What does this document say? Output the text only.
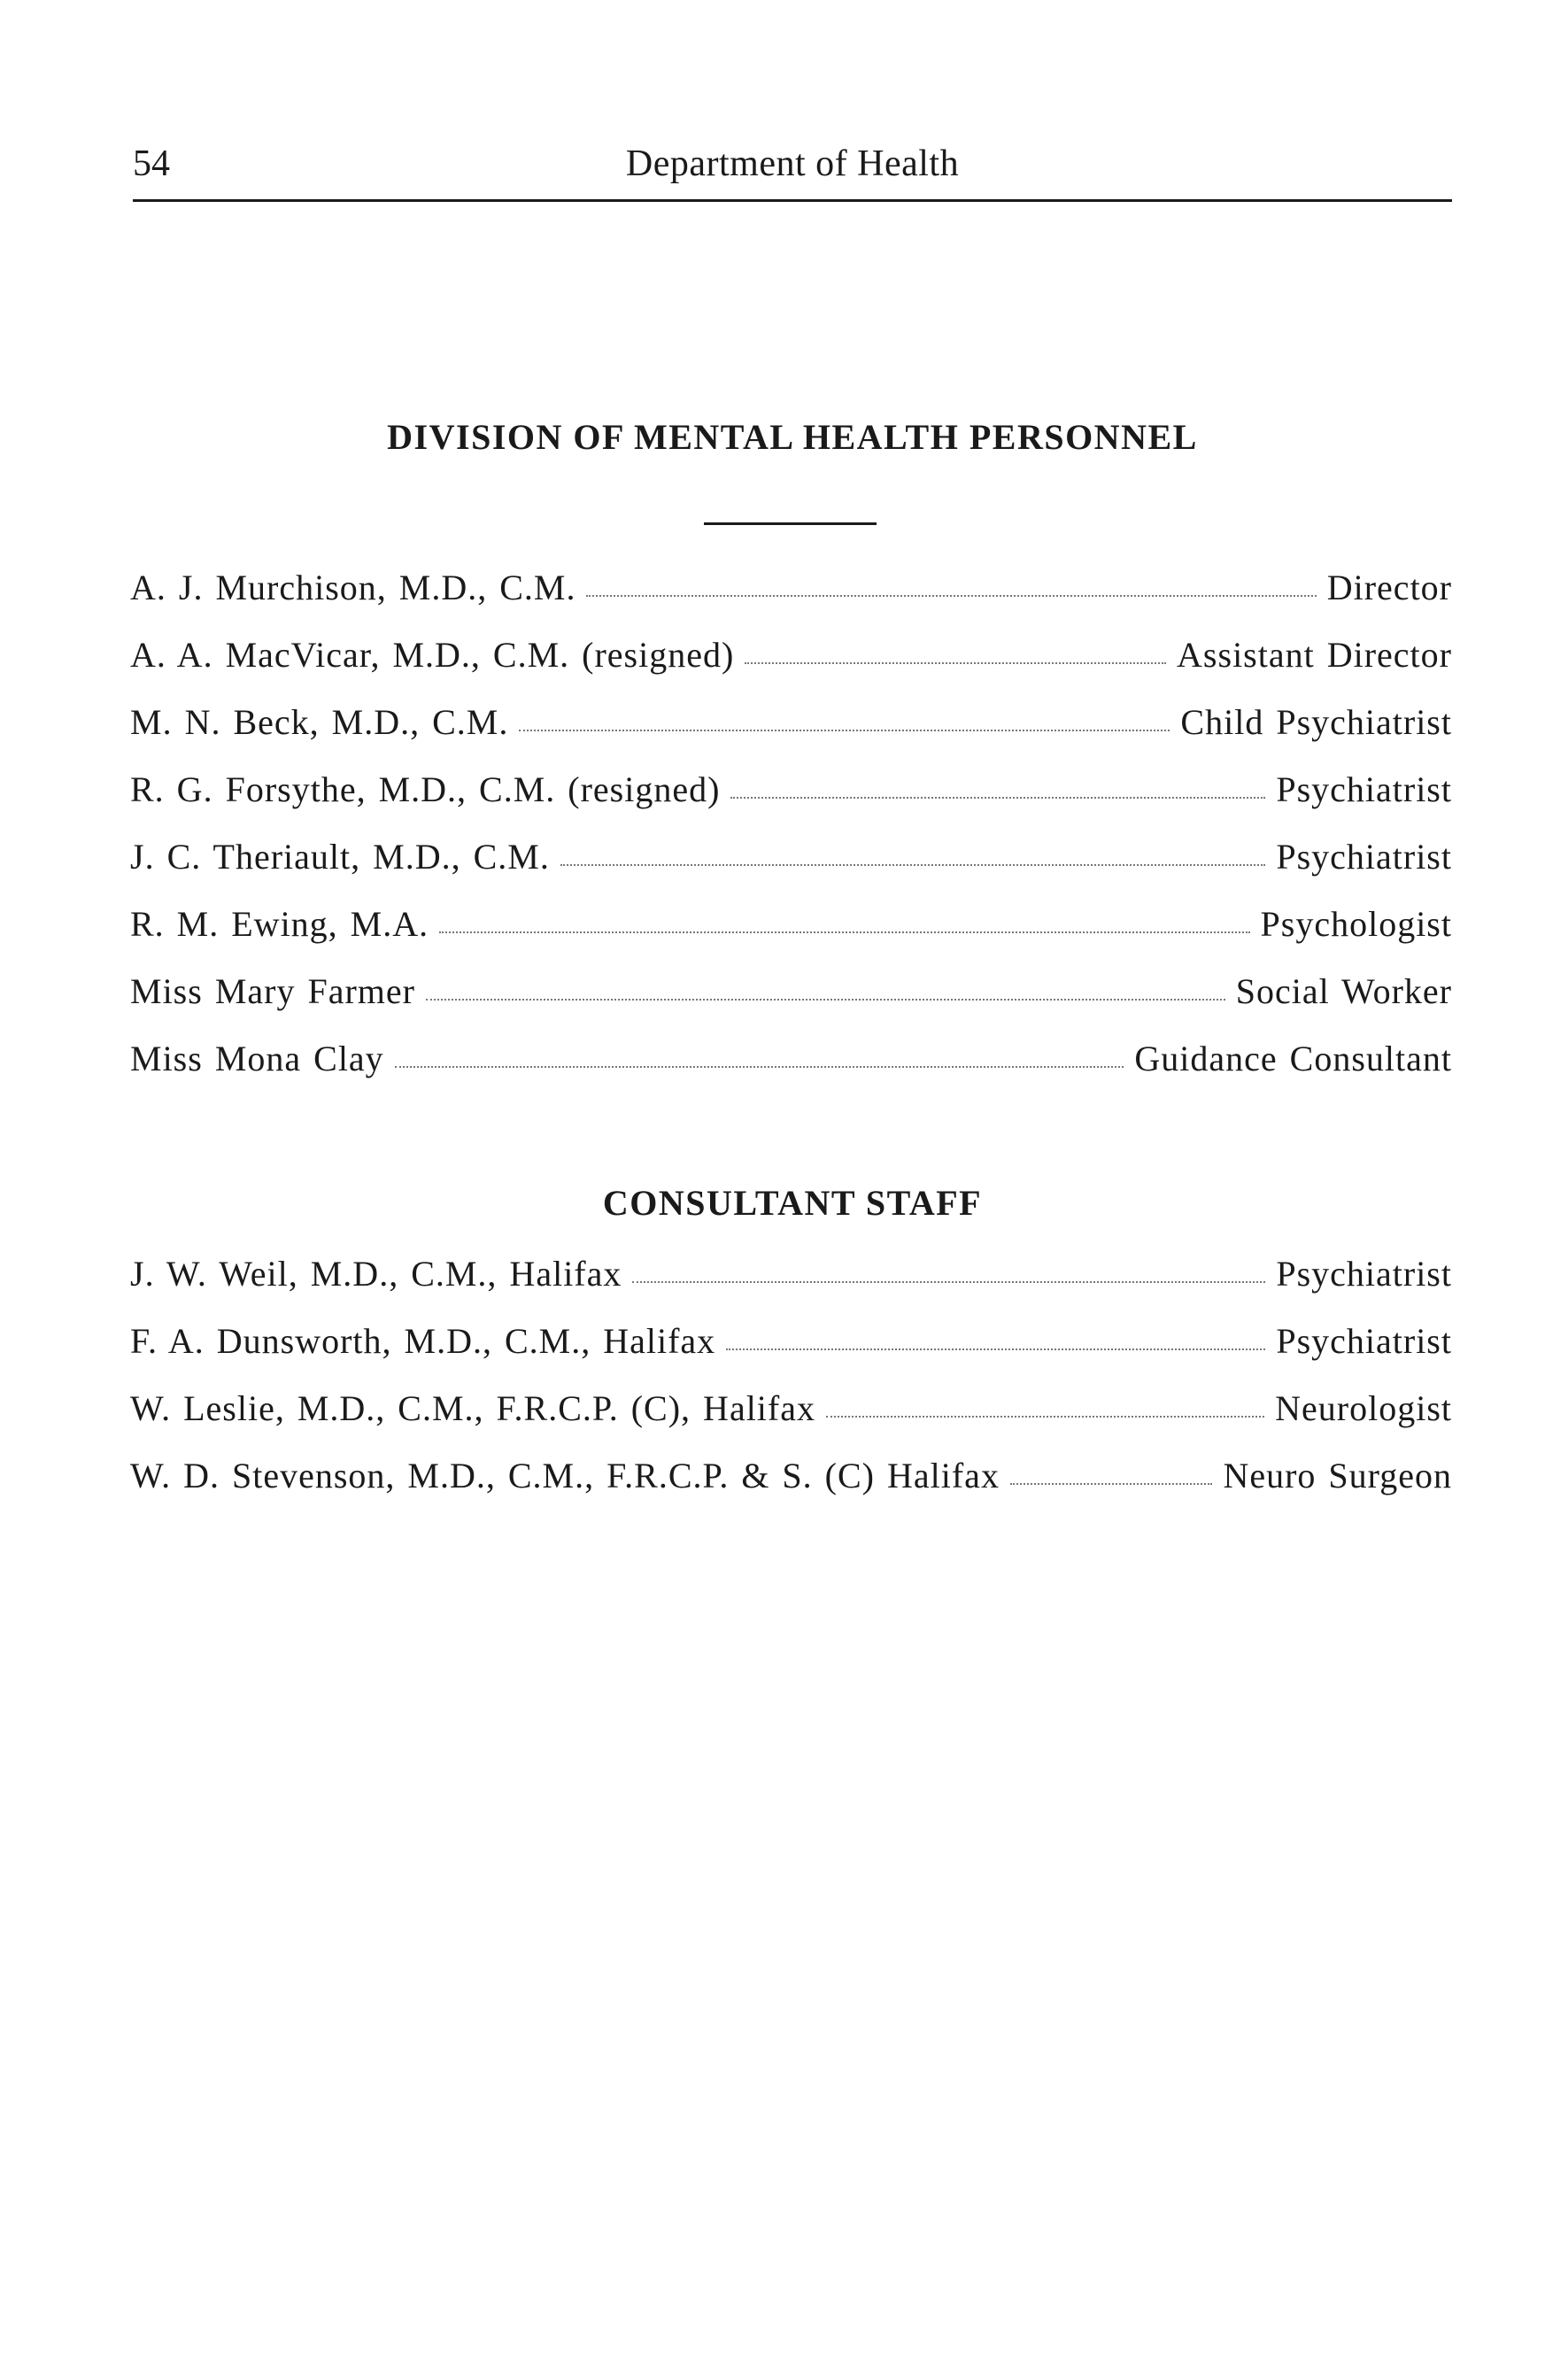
54	Department of Health
DIVISION OF MENTAL HEALTH PERSONNEL
A. J. Murchison, M.D., C.M.	Director
A. A. MacVicar, M.D., C.M. (resigned)	Assistant Director
M. N. Beck, M.D., C.M.	Child Psychiatrist
R. G. Forsythe, M.D., C.M. (resigned)	Psychiatrist
J. C. Theriault, M.D., C.M.	Psychiatrist
R. M. Ewing, M.A.	Psychologist
Miss Mary Farmer	Social Worker
Miss Mona Clay	Guidance Consultant
CONSULTANT STAFF
J. W. Weil, M.D., C.M., Halifax	Psychiatrist
F. A. Dunsworth, M.D., C.M., Halifax	Psychiatrist
W. Leslie, M.D., C.M., F.R.C.P. (C), Halifax	Neurologist
W. D. Stevenson, M.D., C.M., F.R.C.P. & S. (C) Halifax	Neuro Surgeon
